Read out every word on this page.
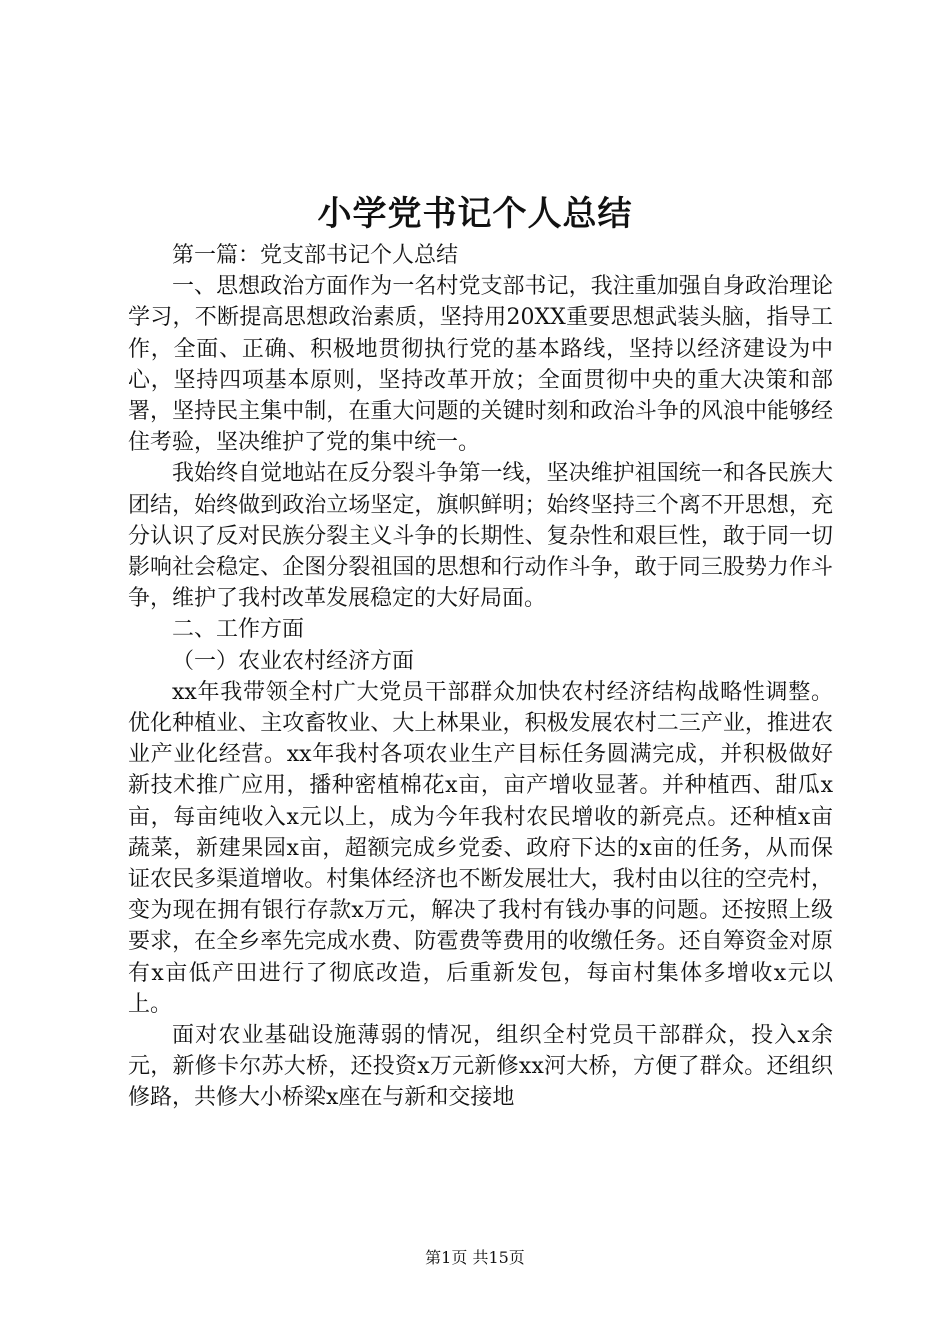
小学党书记个人总结

第一篇：党支部书记个人总结

一、思想政治方面作为一名村党支部书记，我注重加强自身政治理论学习，不断提高思想政治素质，坚持用20XX重要思想武装头脑，指导工作，全面、正确、积极地贯彻执行党的基本路线，坚持以经济建设为中心，坚持四项基本原则，坚持改革开放；全面贯彻中央的重大决策和部署，坚持民主集中制，在重大问题的关键时刻和政治斗争的风浪中能够经住考验，坚决维护了党的集中统一。

我始终自觉地站在反分裂斗争第一线，坚决维护祖国统一和各民族大团结，始终做到政治立场坚定，旗帜鲜明；始终坚持三个离不开思想，充分认识了反对民族分裂主义斗争的长期性、复杂性和艰巨性，敢于同一切影响社会稳定、企图分裂祖国的思想和行动作斗争，敢于同三股势力作斗争，维护了我村改革发展稳定的大好局面。

二、工作方面

（一）农业农村经济方面

xx年我带领全村广大党员干部群众加快农村经济结构战略性调整。优化种植业、主攻畜牧业、大上林果业，积极发展农村二三产业，推进农业产业化经营。xx年我村各项农业生产目标任务圆满完成，并积极做好新技术推广应用，播种密植棉花x亩，亩产增收显著。并种植西、甜瓜x亩，每亩纯收入x元以上，成为今年我村农民增收的新亮点。还种植x亩蔬菜，新建果园x亩，超额完成乡党委、政府下达的x亩的任务，从而保证农民多渠道增收。村集体经济也不断发展壮大，我村由以往的空壳村，变为现在拥有银行存款x万元，解决了我村有钱办事的问题。还按照上级要求，在全乡率先完成水费、防雹费等费用的收缴任务。还自筹资金对原有x亩低产田进行了彻底改造，后重新发包，每亩村集体多增收x元以上。

面对农业基础设施薄弱的情况，组织全村党员干部群众，投入x余元，新修卡尔苏大桥，还投资x万元新修xx河大桥，方便了群众。还组织修路，共修大小桥梁x座在与新和交接地

第1页 共15页
